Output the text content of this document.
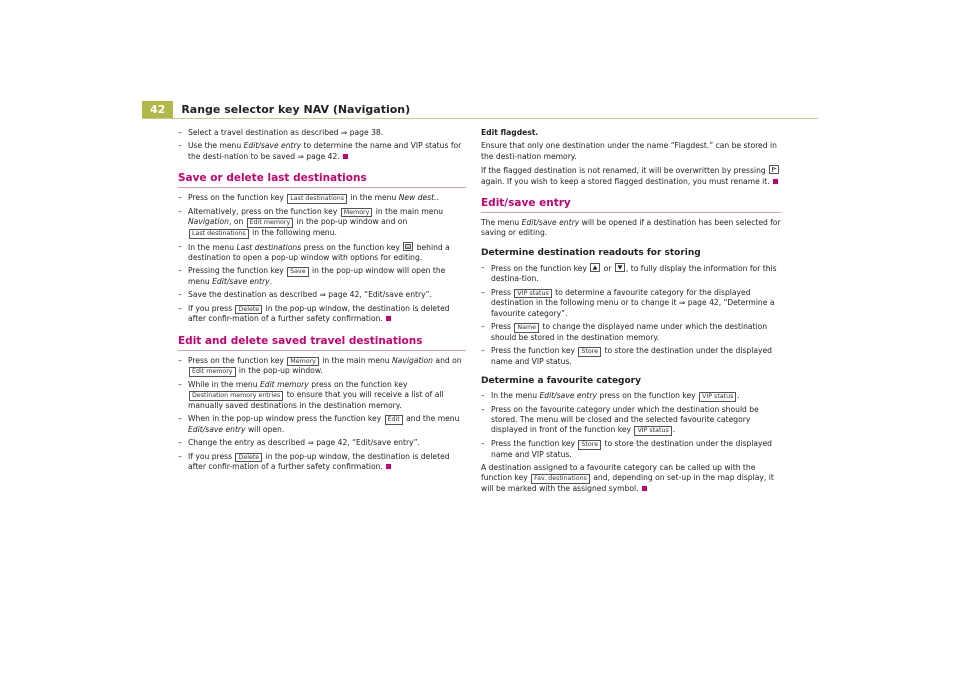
42	Range selector key NAV (Navigation)
– Select a travel destination as described ⇒ page 38.
– Use the menu Edit/save entry to determine the name and VIP status for the desti-nation to be saved ⇒ page 42.
Save or delete last destinations
– Press on the function key Last destinations in the menu New dest..
– Alternatively, press on the function key Memory in the main menu Navigation, on Edit memory in the pop-up window and on Last destinations in the following menu.
– In the menu Last destinations press on the function key
behind a destination to open a pop-up window with options for editing.
– Pressing the function key Save in the pop-up window will open the menu Edit/save entry.
– Save the destination as described ⇒ page 42, “Edit/save entry”.
– If you press Delete in the pop-up window, the destination is deleted after confir-mation of a further safety confirmation.
Edit and delete saved travel destinations
– Press on the function key Memory in the main menu Navigation and on Edit memory in the pop-up window.
– While in the menu Edit memory press on the function key Destination memory entries to ensure that you will receive a list of all manually saved destinations in the destination memory.
– When in the pop-up window press the function key Edit and the menu Edit/save entry will open.
– Change the entry as described ⇒ page 42, “Edit/save entry”.
– If you press Delete in the pop-up window, the destination is deleted after confir-mation of a further safety confirmation.

Edit flagdest.

Ensure that only one destination under the name “Flagdest.” can be stored in the desti-nation memory.

If the flagged destination is not renamed, it will be overwritten by pressing
again. If you wish to keep a stored flagged destination, you must rename it.

Edit/save entry

The menu Edit/save entry will be opened if a destination has been selected for saving or editing.

Determine destination readouts for storing
– Press on the function key
or
, to fully display the information for this destina-tion.
– Press VIP status to determine a favourite category for the displayed destination in the following menu or to change it ⇒ page 42, “Determine a favourite category”.
– Press Name to change the displayed name under which the destination should be stored in the destination memory.
– Press the function key Store to store the destination under the displayed name and VIP status.
Determine a favourite category
– In the menu Edit/save entry press on the function key VIP status .
– Press on the favourite category under which the destination should be stored. The menu will be closed and the selected favourite category displayed in front of the function key VIP status .
– Press the function key Store to store the destination under the displayed name and VIP status.

A destination assigned to a favourite category can be called up with the function key Fav. destinations and, depending on set-up in the map display, it will be marked with the assigned symbol.
